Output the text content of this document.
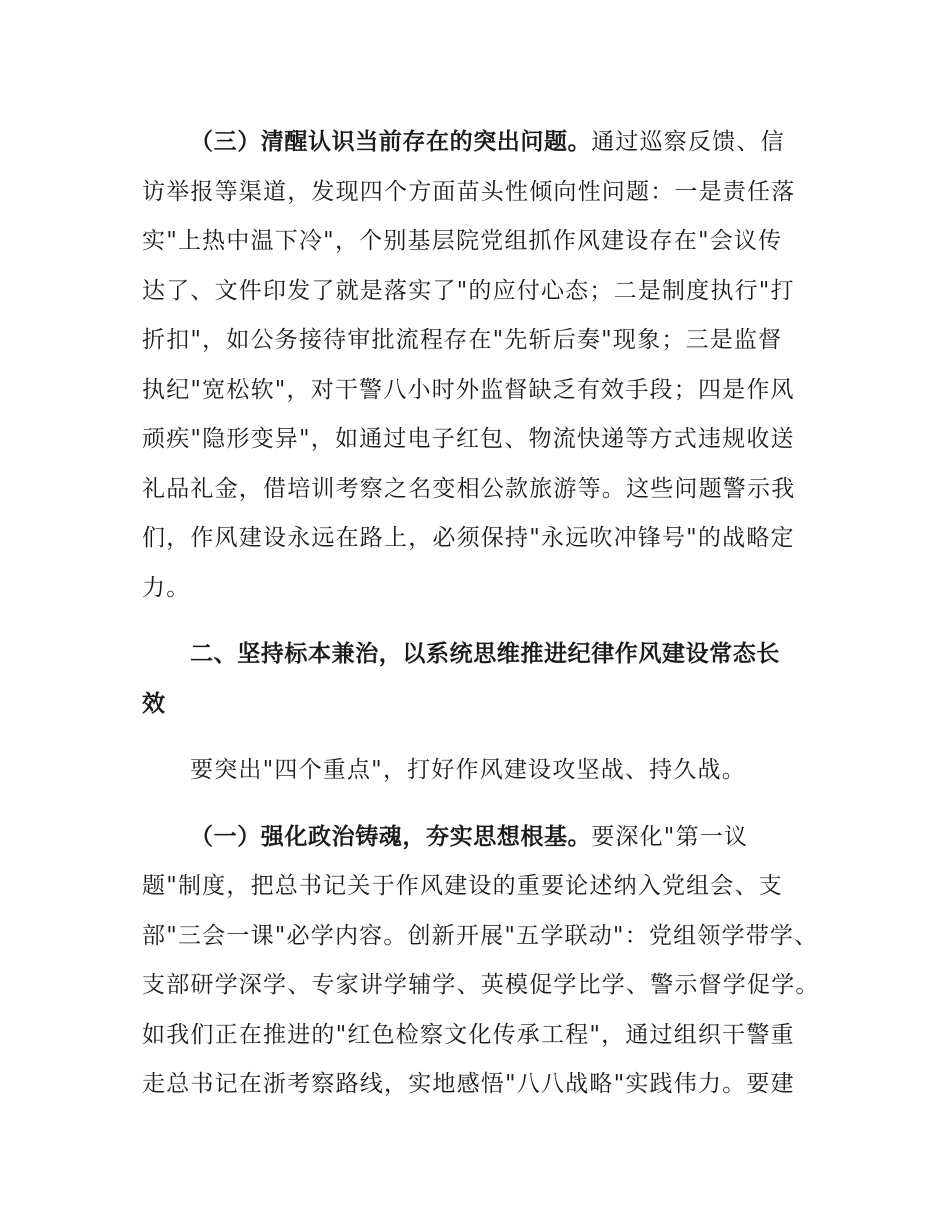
（三）清醒认识当前存在的突出问题。通过巡察反馈、信
访举报等渠道，发现四个方面苗头性倾向性问题：一是责任落
实"上热中温下冷"，个别基层院党组抓作风建设存在"会议传
达了、文件印发了就是落实了"的应付心态；二是制度执行"打
折扣"，如公务接待审批流程存在"先斩后奏"现象；三是监督
执纪"宽松软"，对干警八小时外监督缺乏有效手段；四是作风
顽疾"隐形变异"，如通过电子红包、物流快递等方式违规收送
礼品礼金，借培训考察之名变相公款旅游等。这些问题警示我
们，作风建设永远在路上，必须保持"永远吹冲锋号"的战略定
力。
二、坚持标本兼治，以系统思维推进纪律作风建设常态长
效
要突出"四个重点"，打好作风建设攻坚战、持久战。
（一）强化政治铸魂，夯实思想根基。要深化"第一议
题"制度，把总书记关于作风建设的重要论述纳入党组会、支
部"三会一课"必学内容。创新开展"五学联动"：党组领学带学、
支部研学深学、专家讲学辅学、英模促学比学、警示督学促学。
如我们正在推进的"红色检察文化传承工程"，通过组织干警重
走总书记在浙考察路线，实地感悟"八八战略"实践伟力。要建
